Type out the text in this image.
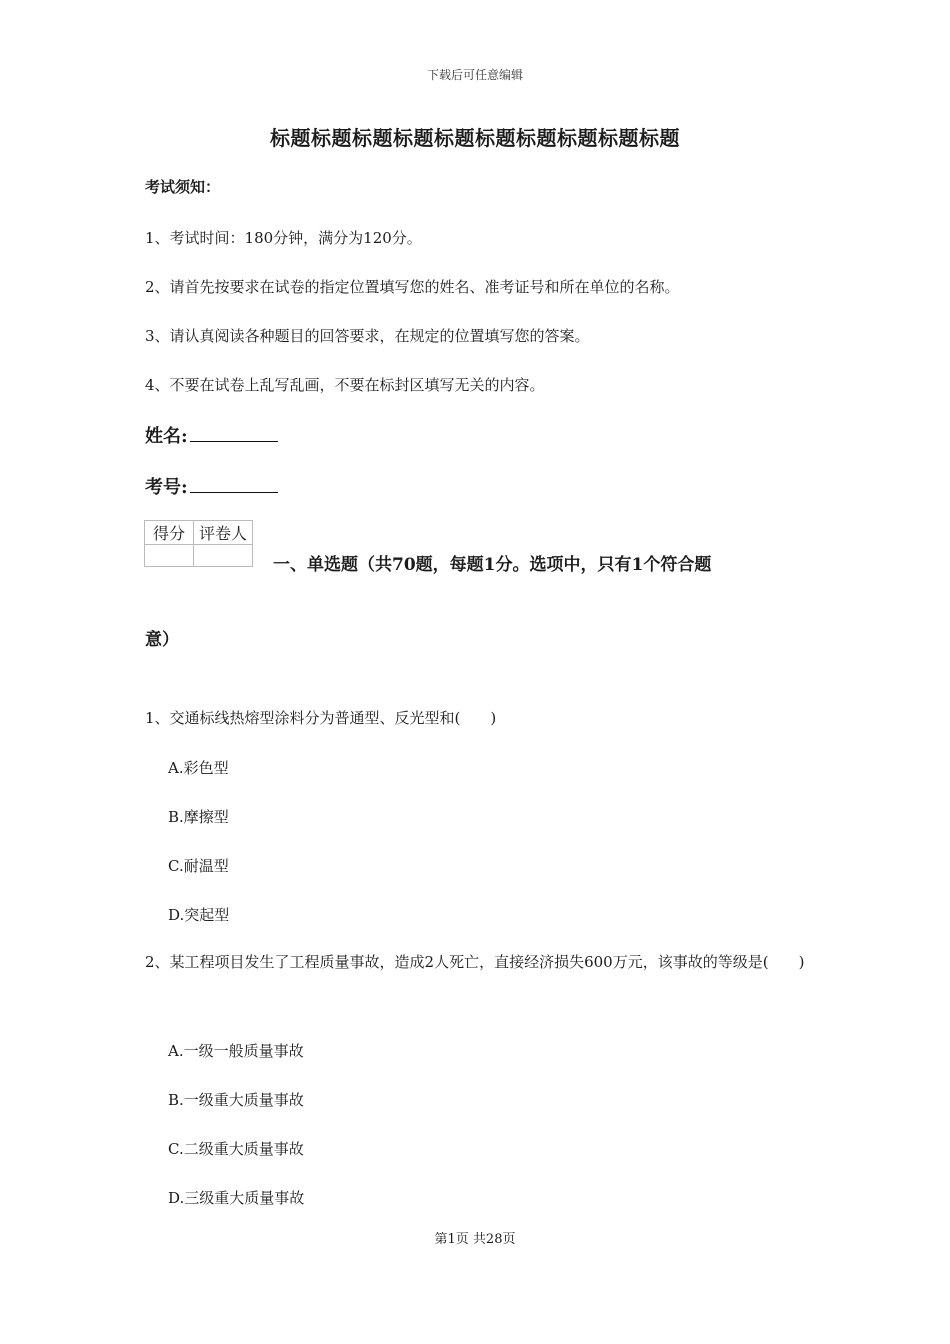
下载后可任意编辑
标题标题标题标题标题标题标题标题标题标题
考试须知：
1、考试时间：180分钟，满分为120分。
2、请首先按要求在试卷的指定位置填写您的姓名、准考证号和所在单位的名称。
3、请认真阅读各种题目的回答要求，在规定的位置填写您的答案。
4、不要在试卷上乱写乱画，不要在标封区填写无关的内容。
姓名:
考号:
得分	评卷人

一、单选题（共70题，每题1分。选项中，只有1个符合题
意）
1、交通标线热熔型涂料分为普通型、反光型和(　　)
A.彩色型
B.摩擦型
C.耐温型
D.突起型
2、某工程项目发生了工程质量事故，造成2人死亡，直接经济损失600万元，该事故的等级是(　　)
A.一级一般质量事故
B.一级重大质量事故
C.二级重大质量事故
D.三级重大质量事故
第1页 共28页
